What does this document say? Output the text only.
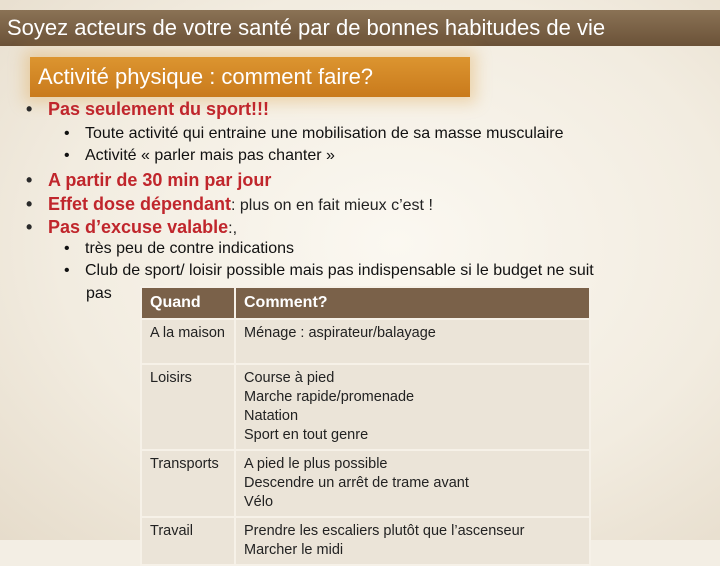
Soyez acteurs de votre santé par de bonnes habitudes de vie
Activité physique : comment faire?
• Pas seulement du sport!!!
• Toute activité qui entraine une mobilisation de sa masse musculaire
• Activité « parler mais pas chanter »
• A partir de 30 min par jour
• Effet dose dépendant: plus on en fait mieux c’est !
• Pas d’excuse valable:,
• très peu de contre indications
• Club de sport/ loisir possible mais pas indispensable si le budget ne suit
pas
Quand	Comment?
A la maison	Ménage : aspirateur/balayage

Loisirs	Course à pied
Marche rapide/promenade
Natation
Sport en tout genre

Transports	A pied le plus possible
Descendre un arrêt de trame avant
Vélo

Travail	Prendre les escaliers plutôt que l’ascenseur
Marcher le midi
